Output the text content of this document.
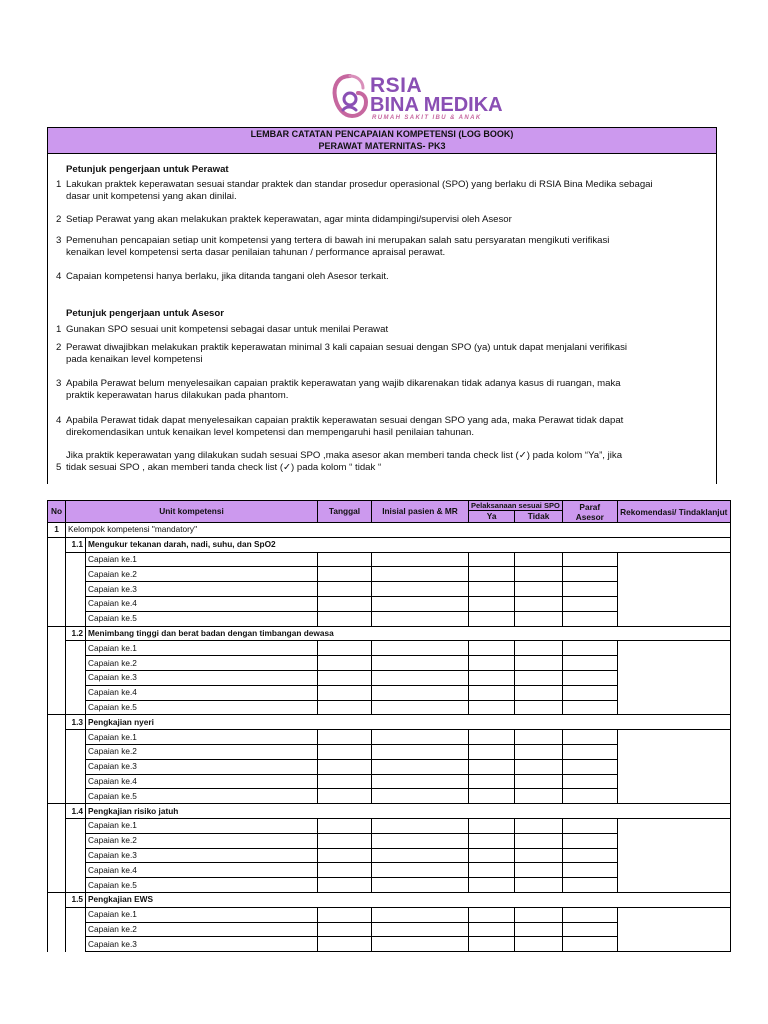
RSIA
BINA MEDIKA
RUMAH SAKIT IBU & ANAK
LEMBAR CATATAN PENCAPAIAN KOMPETENSI (LOG BOOK)
PERAWAT MATERNITAS- PK3
Petunjuk pengerjaan untuk Perawat
1 Lakukan praktek keperawatan sesuai standar praktek dan standar prosedur operasional (SPO) yang berlaku di RSIA Bina Medika sebagai
dasar unit kompetensi yang akan dinilai.
2 Setiap Perawat yang akan melakukan praktek keperawatan, agar minta didampingi/supervisi oleh Asesor
3 Pemenuhan pencapaian setiap unit kompetensi yang tertera di bawah ini merupakan salah satu persyaratan mengikuti verifikasi
kenaikan level kompetensi serta dasar penilaian tahunan / performance apraisal perawat.
4 Capaian kompetensi hanya berlaku, jika ditanda tangani oleh Asesor terkait.
Petunjuk pengerjaan untuk Asesor
1 Gunakan SPO sesuai unit kompetensi sebagai dasar untuk menilai Perawat
2 Perawat diwajibkan melakukan praktik keperawatan minimal 3 kali capaian sesuai dengan SPO (ya) untuk dapat menjalani verifikasi
pada kenaikan level kompetensi
3 Apabila Perawat belum menyelesaikan capaian praktik keperawatan yang wajib dikarenakan tidak adanya kasus di ruangan, maka
praktik keperawatan harus dilakukan pada phantom.
4 Apabila Perawat tidak dapat menyelesaikan capaian praktik keperawatan sesuai dengan SPO yang ada, maka Perawat tidak dapat
direkomendasikan untuk kenaikan level kompetensi dan mempengaruhi hasil penilaian tahunan.
5
Jika praktik keperawatan yang dilakukan sudah sesuai SPO ,maka asesor akan memberi tanda check list (✓) pada kolom “Ya”, jika
tidak sesuai SPO , akan memberi tanda check list (✓) pada kolom “ tidak “
No	Unit kompetensi		Tanggal	Inisial pasien & MR	Pelaksanaan sesuai SPO		Paraf Asesor	Rekomendasi/ Tindaklanjut
					Ya	Tidak		
1	Kelompok kompetensi "mandatory"							
	1.1	Mengukur tekanan darah, nadi, suhu, dan SpO2						
		Capaian ke.1						
		Capaian ke.2						
		Capaian ke.3						
		Capaian ke.4						
		Capaian ke.5						
	1.2	Menimbang tinggi dan berat badan dengan timbangan dewasa						
		Capaian ke.1						
		Capaian ke.2						
		Capaian ke.3						
		Capaian ke.4						
		Capaian ke.5						
	1.3	Pengkajian nyeri						
		Capaian ke.1						
		Capaian ke.2						
		Capaian ke.3						
		Capaian ke.4						
		Capaian ke.5						
	1.4	Pengkajian risiko jatuh						
		Capaian ke.1						
		Capaian ke.2						
		Capaian ke.3						
		Capaian ke.4						
		Capaian ke.5						
	1.5	Pengkajian EWS						
		Capaian ke.1						
		Capaian ke.2						
		Capaian ke.3						
